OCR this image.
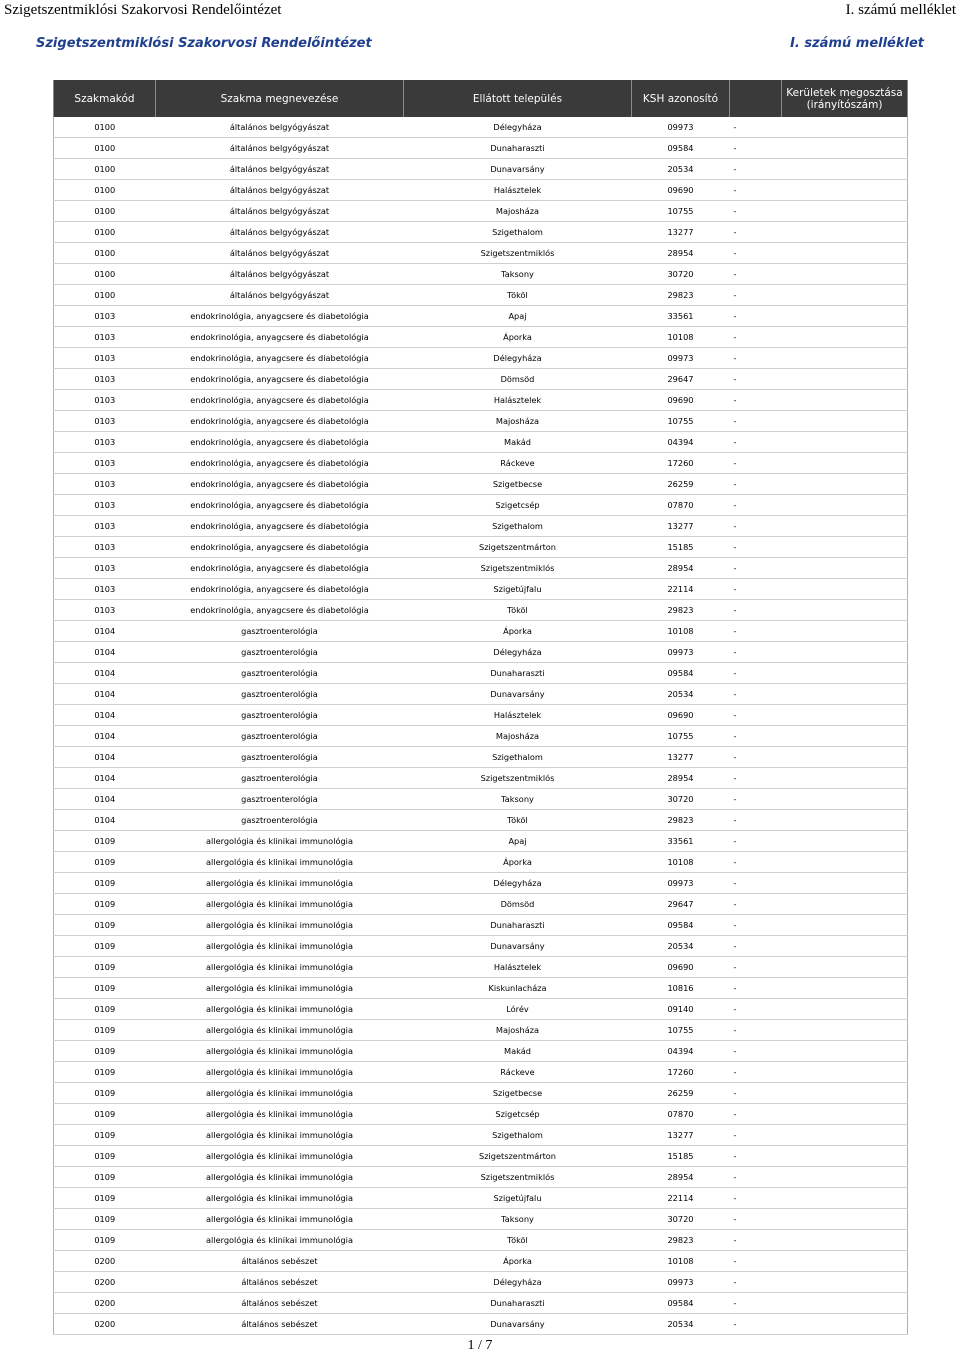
Szigetszentmiklósi Szakorvosi Rendelőintézet	I. számú melléklet
Szigetszentmiklósi Szakorvosi Rendelőintézet	I. számú melléklet
Szakmakód	Szakma megnevezése	Ellátott település	KSH azonosító		Kerületek megosztása (irányítószám)
0100	általános belgyógyászat	Délegyháza	09973	-	
0100	általános belgyógyászat	Dunaharaszti	09584	-	
0100	általános belgyógyászat	Dunavarsány	20534	-	
0100	általános belgyógyászat	Halásztelek	09690	-	
0100	általános belgyógyászat	Majosháza	10755	-	
0100	általános belgyógyászat	Szigethalom	13277	-	
0100	általános belgyógyászat	Szigetszentmiklós	28954	-	
0100	általános belgyógyászat	Taksony	30720	-	
0100	általános belgyógyászat	Tököl	29823	-	
0103	endokrinológia, anyagcsere és diabetológia	Apaj	33561	-	
0103	endokrinológia, anyagcsere és diabetológia	Áporka	10108	-	
0103	endokrinológia, anyagcsere és diabetológia	Délegyháza	09973	-	
0103	endokrinológia, anyagcsere és diabetológia	Dömsöd	29647	-	
0103	endokrinológia, anyagcsere és diabetológia	Halásztelek	09690	-	
0103	endokrinológia, anyagcsere és diabetológia	Majosháza	10755	-	
0103	endokrinológia, anyagcsere és diabetológia	Makád	04394	-	
0103	endokrinológia, anyagcsere és diabetológia	Ráckeve	17260	-	
0103	endokrinológia, anyagcsere és diabetológia	Szigetbecse	26259	-	
0103	endokrinológia, anyagcsere és diabetológia	Szigetcsép	07870	-	
0103	endokrinológia, anyagcsere és diabetológia	Szigethalom	13277	-	
0103	endokrinológia, anyagcsere és diabetológia	Szigetszentmárton	15185	-	
0103	endokrinológia, anyagcsere és diabetológia	Szigetszentmiklós	28954	-	
0103	endokrinológia, anyagcsere és diabetológia	Szigetújfalu	22114	-	
0103	endokrinológia, anyagcsere és diabetológia	Tököl	29823	-	
0104	gasztroenterológia	Áporka	10108	-	
0104	gasztroenterológia	Délegyháza	09973	-	
0104	gasztroenterológia	Dunaharaszti	09584	-	
0104	gasztroenterológia	Dunavarsány	20534	-	
0104	gasztroenterológia	Halásztelek	09690	-	
0104	gasztroenterológia	Majosháza	10755	-	
0104	gasztroenterológia	Szigethalom	13277	-	
0104	gasztroenterológia	Szigetszentmiklós	28954	-	
0104	gasztroenterológia	Taksony	30720	-	
0104	gasztroenterológia	Tököl	29823	-	
0109	allergológia és klinikai immunológia	Apaj	33561	-	
0109	allergológia és klinikai immunológia	Áporka	10108	-	
0109	allergológia és klinikai immunológia	Délegyháza	09973	-	
0109	allergológia és klinikai immunológia	Dömsöd	29647	-	
0109	allergológia és klinikai immunológia	Dunaharaszti	09584	-	
0109	allergológia és klinikai immunológia	Dunavarsány	20534	-	
0109	allergológia és klinikai immunológia	Halásztelek	09690	-	
0109	allergológia és klinikai immunológia	Kiskunlacháza	10816	-	
0109	allergológia és klinikai immunológia	Lórév	09140	-	
0109	allergológia és klinikai immunológia	Majosháza	10755	-	
0109	allergológia és klinikai immunológia	Makád	04394	-	
0109	allergológia és klinikai immunológia	Ráckeve	17260	-	
0109	allergológia és klinikai immunológia	Szigetbecse	26259	-	
0109	allergológia és klinikai immunológia	Szigetcsép	07870	-	
0109	allergológia és klinikai immunológia	Szigethalom	13277	-	
0109	allergológia és klinikai immunológia	Szigetszentmárton	15185	-	
0109	allergológia és klinikai immunológia	Szigetszentmiklós	28954	-	
0109	allergológia és klinikai immunológia	Szigetújfalu	22114	-	
0109	allergológia és klinikai immunológia	Taksony	30720	-	
0109	allergológia és klinikai immunológia	Tököl	29823	-	
0200	általános sebészet	Áporka	10108	-	
0200	általános sebészet	Délegyháza	09973	-	
0200	általános sebészet	Dunaharaszti	09584	-	
0200	általános sebészet	Dunavarsány	20534	-	
1 / 7
